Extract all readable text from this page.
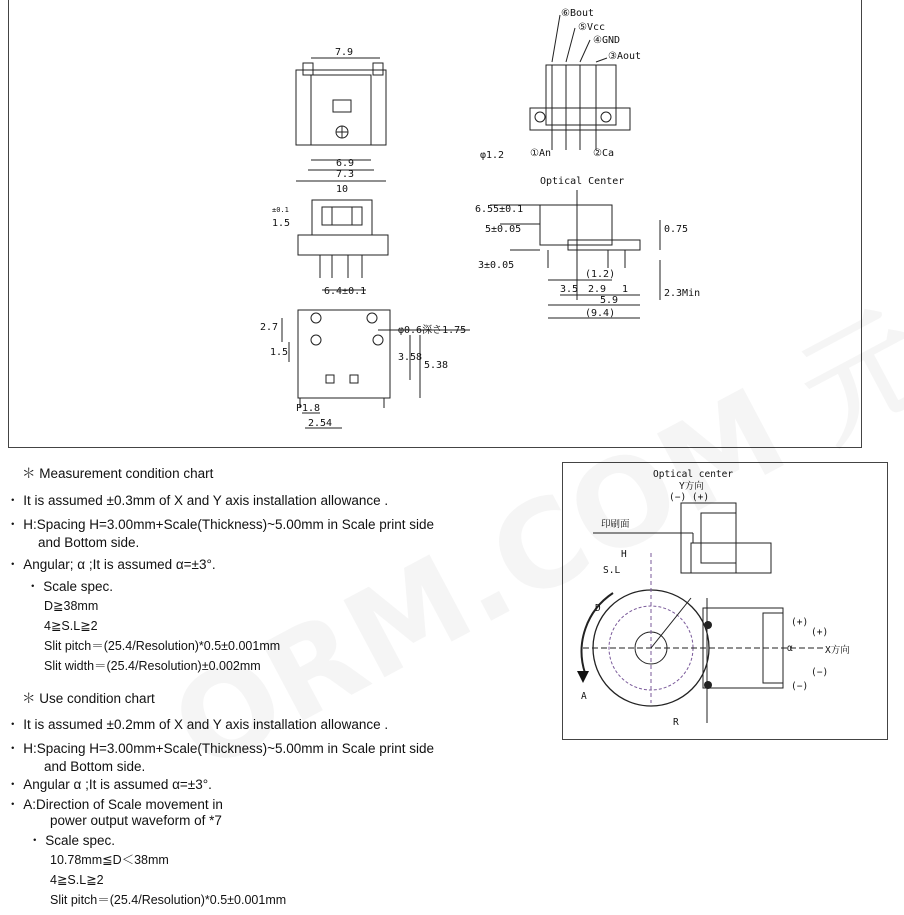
⑥Bout
⑤Vcc
④GND
③Aout
①An	②Ca
φ1.2
7.9
6.9
7.3
10
1.5
±0.1
6.4±0.1
2.7
1.5	3.58
5.38
φ0.6深さ1.75
P1.8
2.54
Optical Center
6.55±0.1
5±0.05
3±0.05
0.75
(1.2)
3.5 2.9 1
5.9
(9.4)
2.3Min
＊ Measurement condition chart
・ It is assumed ±0.3mm of X and Y axis installation allowance .
・ H:Spacing H=3.00mm+Scale(Thickness)~5.00mm in Scale print side
and Bottom side.
・ Angular; α ;It is assumed α=±3°.
・ Scale spec.
D≧38mm
4≧S.L≧2
Slit pitch＝(25.4/Resolution)*0.5±0.001mm
Slit width＝(25.4/Resolution)±0.002mm
＊ Use condition chart
・ It is assumed ±0.2mm of X and Y axis installation allowance .
・ H:Spacing H=3.00mm+Scale(Thickness)~5.00mm in Scale print side
and Bottom side.
・ Angular α ;It is assumed α=±3°.
・ A:Direction of Scale movement in
power output waveform of *7
・ Scale spec.
10.78mm≦D＜38mm
4≧S.L≧2
Slit pitch＝(25.4/Resolution)*0.5±0.001mm
Optical center
Y方向
(−) (+)
印刷面
H
S.L
D
(+)
(+)
α	X方向
(−)
(−)
A
R
